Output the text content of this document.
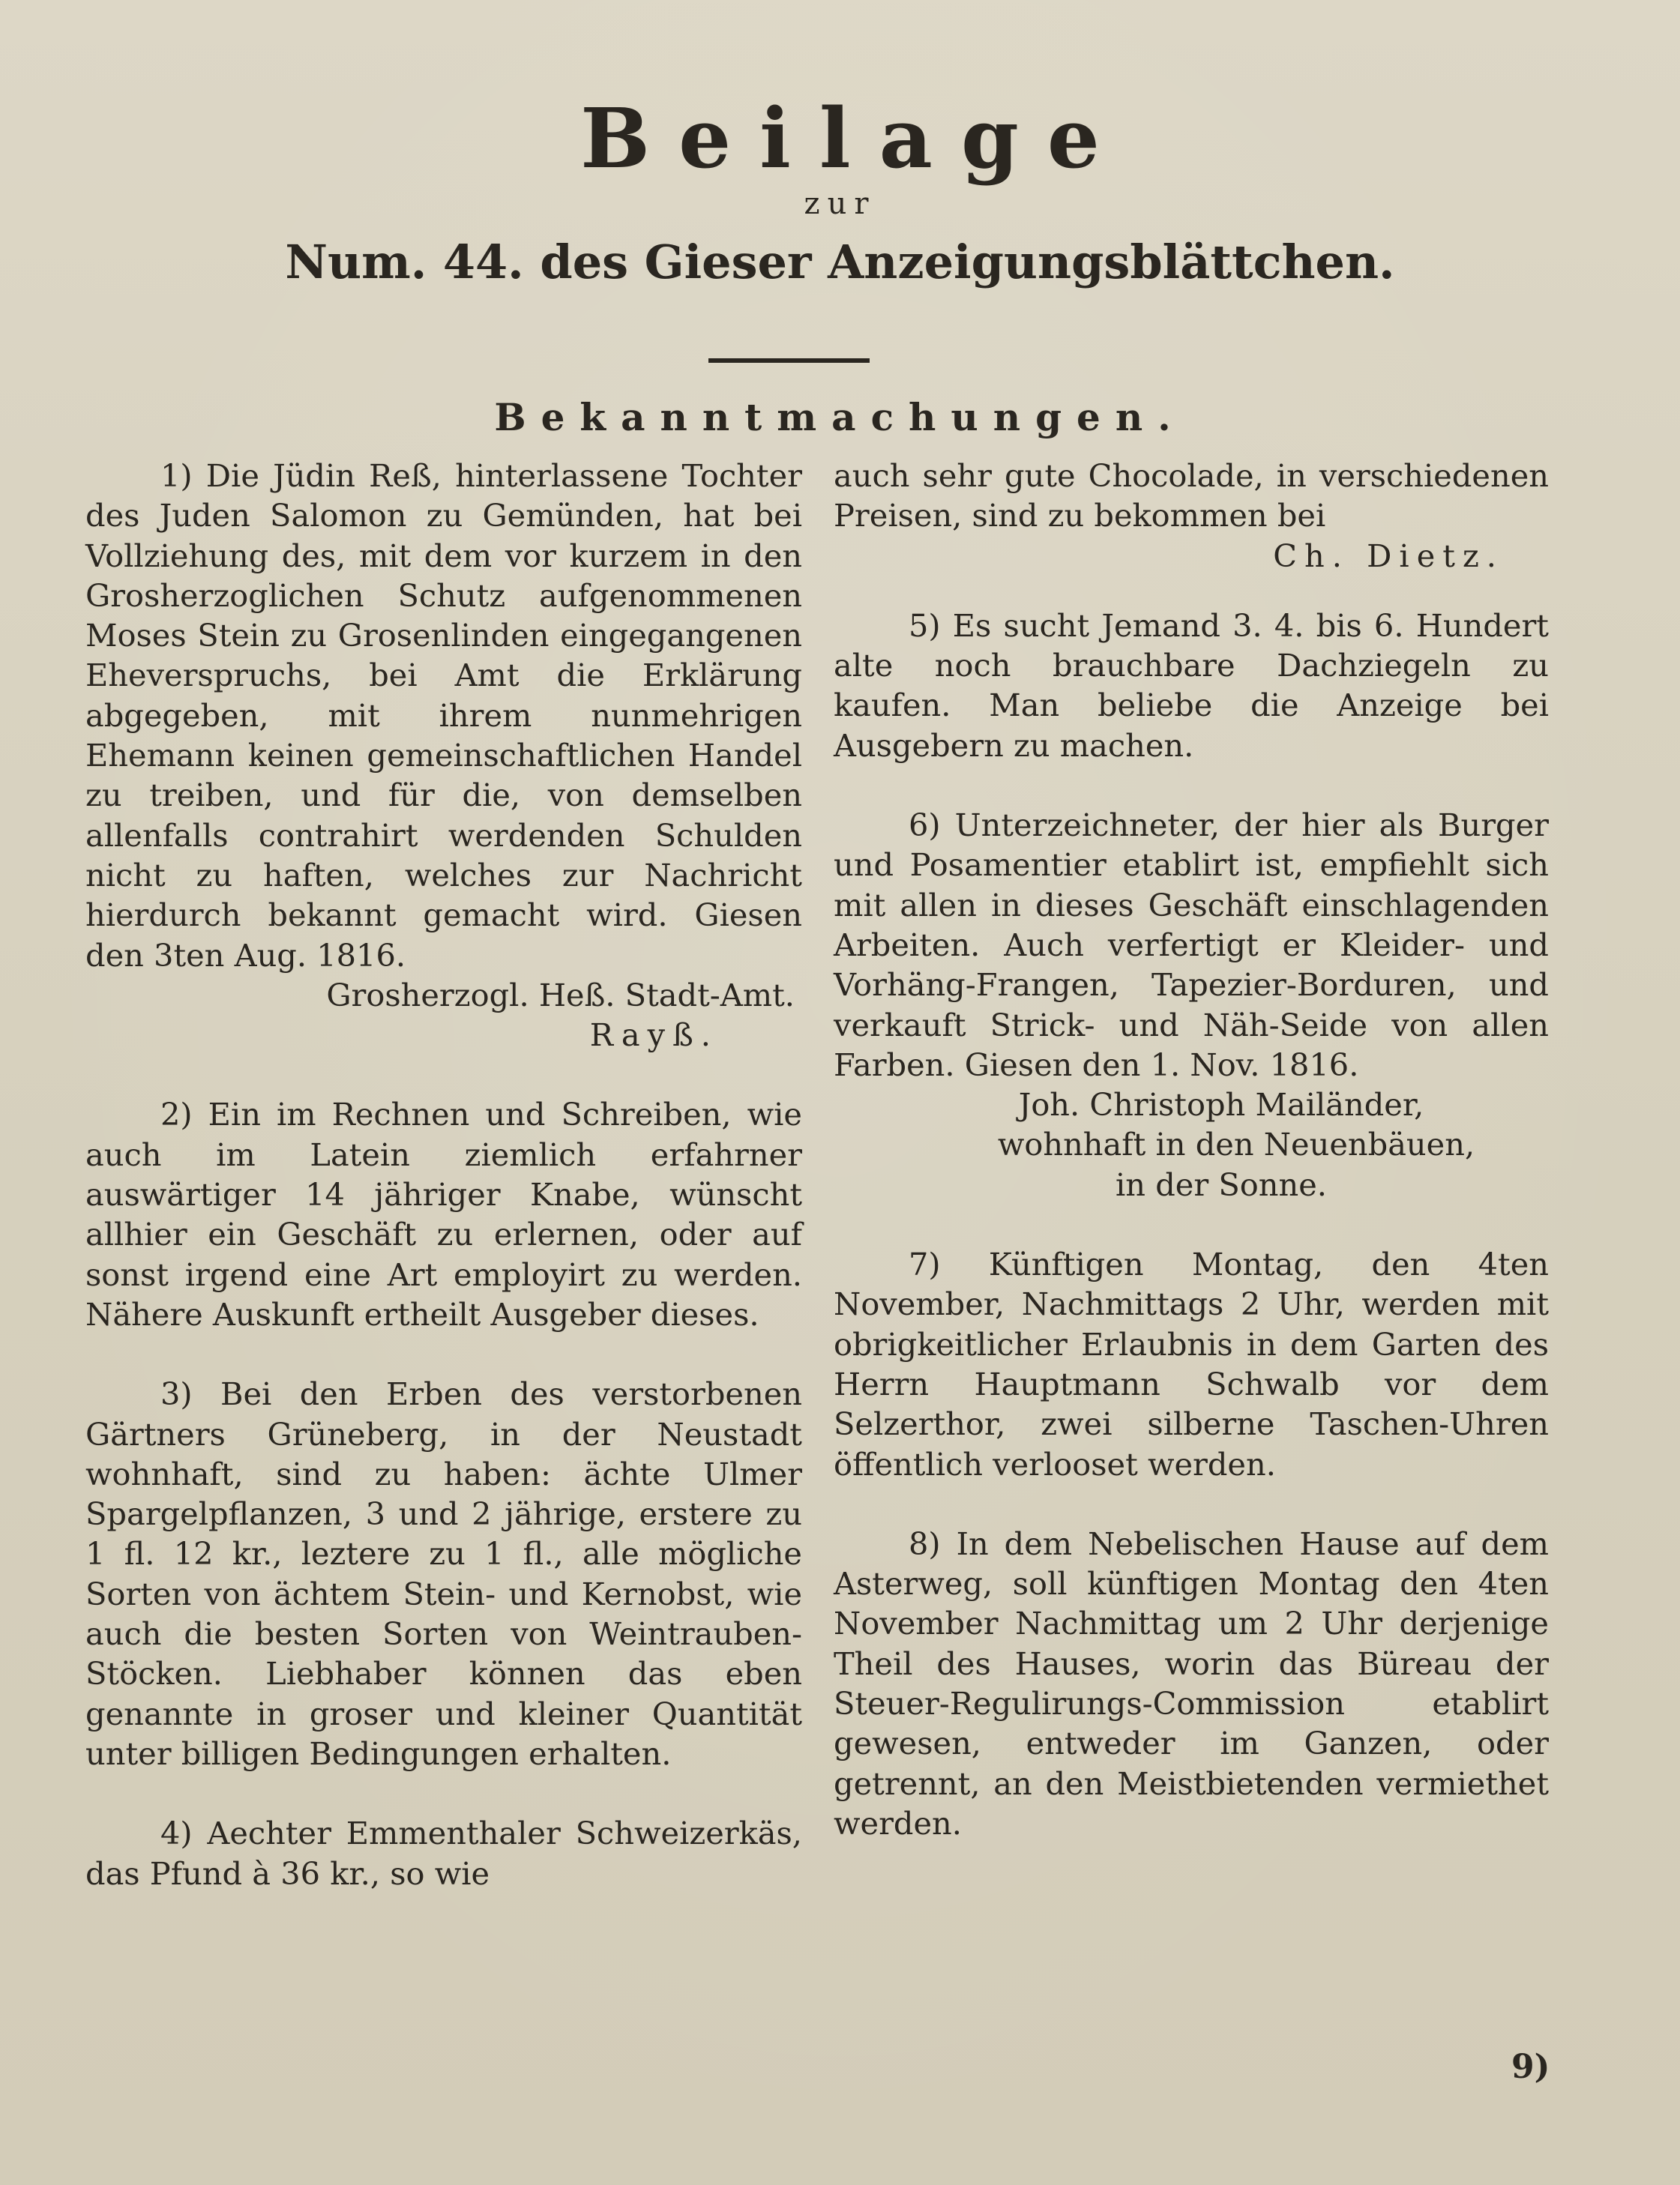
Beilage
zur
Num. 44. des Gieser Anzeigungsblättchen.
Bekanntmachungen.
1) Die Jüdin Reß, hinterlassene Tochter des Juden Salomon zu Gemünden, hat bei Vollziehung des, mit dem vor kurzem in den Grosherzoglichen Schutz aufgenommenen Moses Stein zu Grosenlinden eingegangenen Eheverspruchs, bei Amt die Erklärung abgegeben, mit ihrem nunmehrigen Ehemann keinen gemeinschaftlichen Handel zu treiben, und für die, von demselben allenfalls contrahirt werdenden Schulden nicht zu haften, welches zur Nachricht hierdurch bekannt gemacht wird. Giesen den 3ten Aug. 1816.

Grosherzogl. Heß. Stadt-Amt.

Rayß.

2) Ein im Rechnen und Schreiben, wie auch im Latein ziemlich erfahrner auswärtiger 14 jähriger Knabe, wünscht allhier ein Geschäft zu erlernen, oder auf sonst irgend eine Art employirt zu werden. Nähere Auskunft ertheilt Ausgeber dieses.
3) Bei den Erben des verstorbenen Gärtners Grüneberg, in der Neustadt wohnhaft, sind zu haben: ächte Ulmer Spargelpflanzen, 3 und 2 jährige, erstere zu 1 fl. 12 kr., leztere zu 1 fl., alle mögliche Sorten von ächtem Stein- und Kernobst, wie auch die besten Sorten von Weintrauben-Stöcken. Liebhaber können das eben genannte in groser und kleiner Quantität unter billigen Bedingungen erhalten.
4) Aechter Emmenthaler Schweizerkäs, das Pfund à 36 kr., so wie
auch sehr gute Chocolade, in verschiedenen Preisen, sind zu bekommen bei

Ch. Dietz.

5) Es sucht Jemand 3. 4. bis 6. Hundert alte noch brauchbare Dachziegeln zu kaufen. Man beliebe die Anzeige bei Ausgebern zu machen.
6) Unterzeichneter, der hier als Burger und Posamentier etablirt ist, empfiehlt sich mit allen in dieses Geschäft einschlagenden Arbeiten. Auch verfertigt er Kleider- und Vorhäng-Frangen, Tapezier-Borduren, und verkauft Strick- und Näh-Seide von allen Farben. Giesen den 1. Nov. 1816.

Joh. Christoph Mailänder,

wohnhaft in den Neuenbäuen,

in der Sonne.

7) Künftigen Montag, den 4ten November, Nachmittags 2 Uhr, werden mit obrigkeitlicher Erlaubnis in dem Garten des Herrn Hauptmann Schwalb vor dem Selzerthor, zwei silberne Taschen-Uhren öffentlich verlooset werden.
8) In dem Nebelischen Hause auf dem Asterweg, soll künftigen Montag den 4ten November Nachmittag um 2 Uhr derjenige Theil des Hauses, worin das Büreau der Steuer-Regulirungs-Commission etablirt gewesen, entweder im Ganzen, oder getrennt, an den Meistbietenden vermiethet werden.
9)
